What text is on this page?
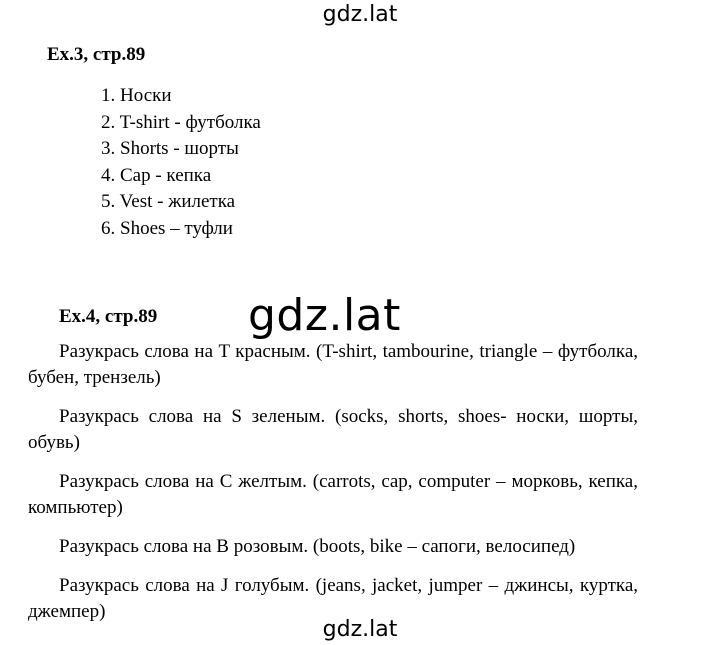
gdz.lat
Ex.3, стр.89
1. Носки
2. T-shirt - футболка
3. Shorts - шорты
4. Cap - кепка
5. Vest - жилетка
6. Shoes – туфли
gdz.lat
Ex.4, стр.89

Разукрась слова на T красным. (T-shirt, tambourine, triangle – футболка, бубен, трензель)

Разукрась слова на S зеленым. (socks, shorts, shoes- носки, шорты, обувь)

Разукрась слова на C желтым. (carrots, cap, computer – морковь, кепка, компьютер)

Разукрась слова на B розовым. (boots, bike – сапоги, велосипед)

Разукрась слова на J голубым. (jeans, jacket, jumper – джинсы, куртка, джемпер)

gdz.lat
